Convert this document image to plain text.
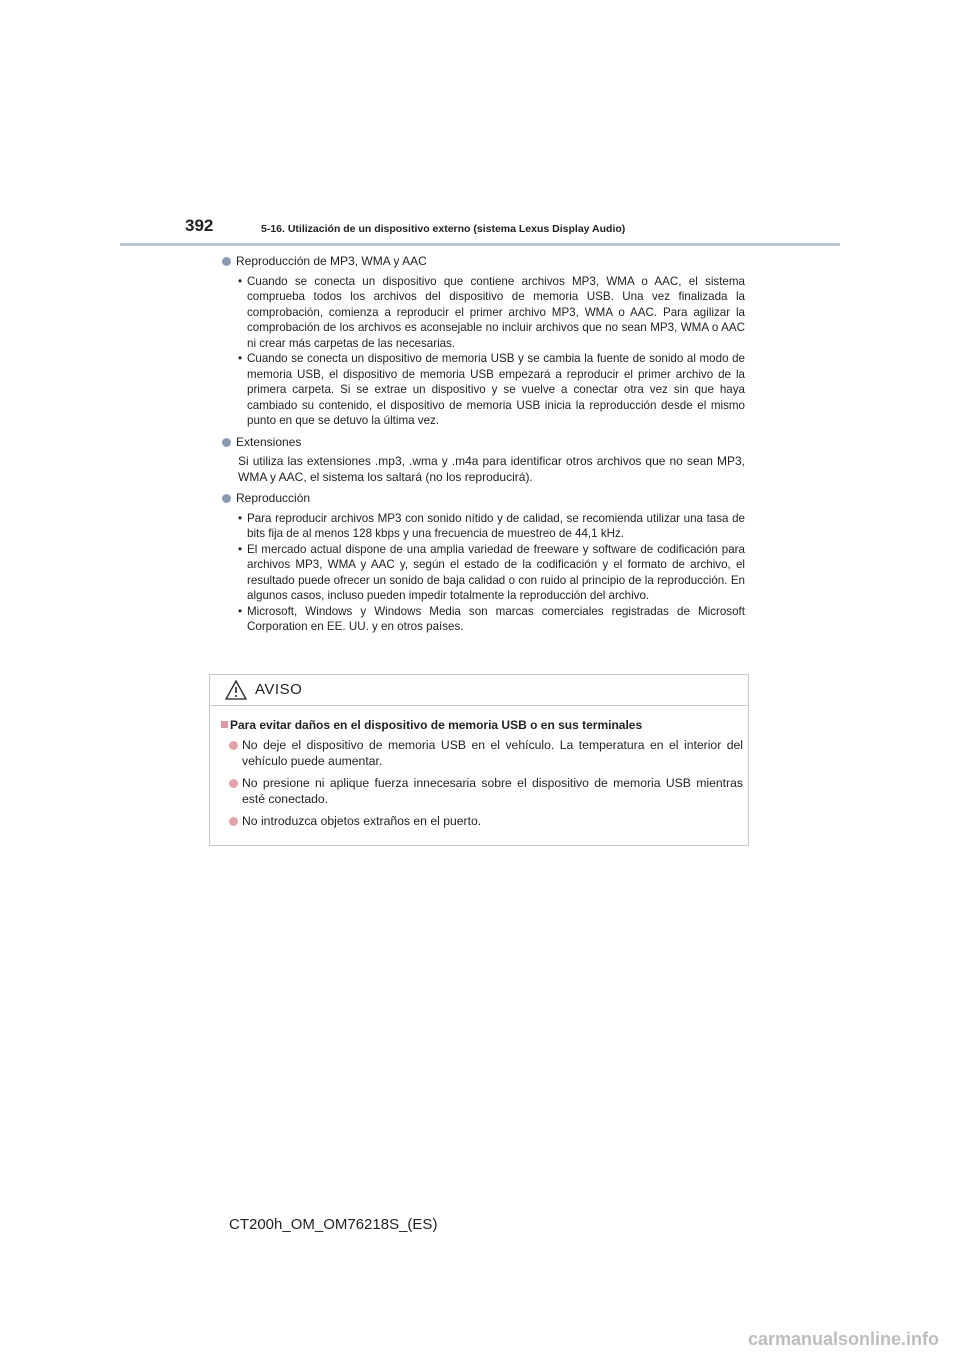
392	5-16. Utilización de un dispositivo externo (sistema Lexus Display Audio)
Reproducción de MP3, WMA y AAC
• Cuando se conecta un dispositivo que contiene archivos MP3, WMA o AAC, el sistema comprueba todos los archivos del dispositivo de memoria USB. Una vez finalizada la comprobación, comienza a reproducir el primer archivo MP3, WMA o AAC. Para agilizar la comprobación de los archivos es aconsejable no incluir archivos que no sean MP3, WMA o AAC ni crear más carpetas de las necesarias.
• Cuando se conecta un dispositivo de memoria USB y se cambia la fuente de sonido al modo de memoria USB, el dispositivo de memoria USB empezará a reproducir el primer archivo de la primera carpeta. Si se extrae un dispositivo y se vuelve a conectar otra vez sin que haya cambiado su contenido, el dispositivo de memoria USB inicia la reproducción desde el mismo punto en que se detuvo la última vez.
Extensiones
Si utiliza las extensiones .mp3, .wma y .m4a para identificar otros archivos que no sean MP3, WMA y AAC, el sistema los saltará (no los reproducirá).
Reproducción
• Para reproducir archivos MP3 con sonido nítido y de calidad, se recomienda utilizar una tasa de bits fija de al menos 128 kbps y una frecuencia de muestreo de 44,1 kHz.
• El mercado actual dispone de una amplia variedad de freeware y software de codificación para archivos MP3, WMA y AAC y, según el estado de la codificación y el formato de archivo, el resultado puede ofrecer un sonido de baja calidad o con ruido al principio de la reproducción. En algunos casos, incluso pueden impedir totalmente la reproducción del archivo.
• Microsoft, Windows y Windows Media son marcas comerciales registradas de Microsoft Corporation en EE. UU. y en otros países.
AVISO
Para evitar daños en el dispositivo de memoria USB o en sus terminales
No deje el dispositivo de memoria USB en el vehículo. La temperatura en el interior del vehículo puede aumentar.
No presione ni aplique fuerza innecesaria sobre el dispositivo de memoria USB mientras esté conectado.
No introduzca objetos extraños en el puerto.
CT200h_OM_OM76218S_(ES)
carmanualsonline.info
